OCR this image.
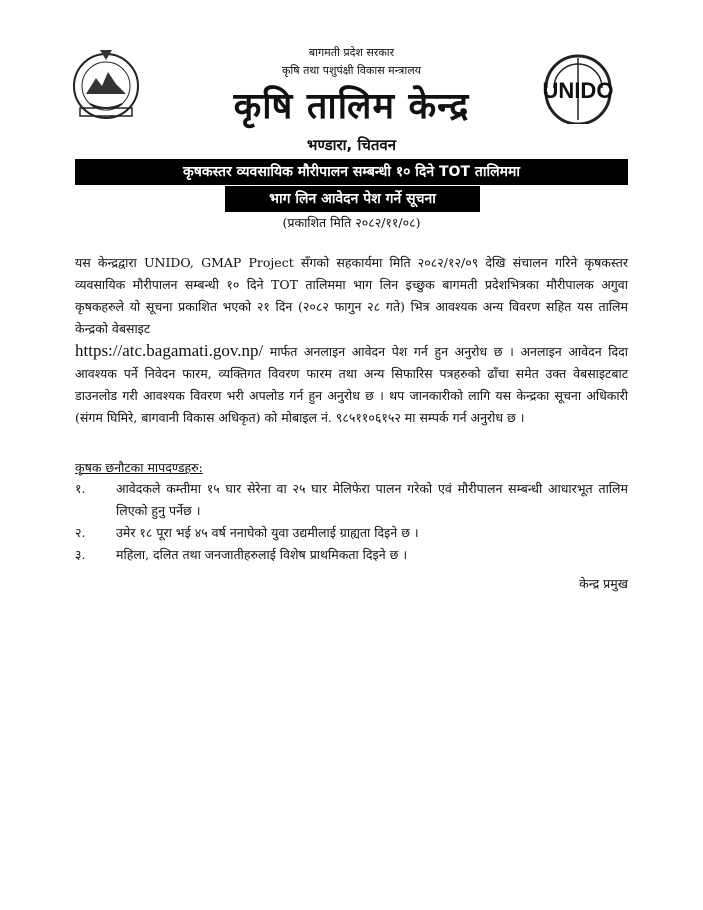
बागमती प्रदेश सरकार
कृषि तथा पशुपंक्षी विकास मन्त्रालय
कृषि तालिम केन्द्र
भण्डारा, चितवन
UNIDO
कृषकस्तर व्यवसायिक मौरीपालन सम्बन्धी १० दिने TOT तालिममा
भाग लिन आवेदन पेश गर्ने सूचना
(प्रकाशित मिति २०८२/११/०८)
यस केन्द्रद्वारा UNIDO, GMAP Project सँगको सहकार्यमा मिति २०८२/१२/०९ देखि संचालन गरिने कृषकस्तर व्यवसायिक मौरीपालन सम्बन्धी १० दिने TOT तालिममा भाग लिन इच्छुक बागमती प्रदेशभित्रका मौरीपालक अगुवा कृषकहरुले यो सूचना प्रकाशित भएको २१ दिन (२०८२ फागुन २८ गते) भित्र आवश्यक अन्य विवरण सहित यस तालिम केन्द्रको वेबसाइट
https://atc.bagamati.gov.np/ मार्फत अनलाइन आवेदन पेश गर्न हुन अनुरोध छ । अनलाइन आवेदन दिदा आवश्यक पर्ने निवेदन फारम, व्यक्तिगत विवरण फारम तथा अन्य सिफारिस पत्रहरुको ढाँचा समेत उक्त वेबसाइटबाट डाउनलोड गरी आवश्यक विवरण भरी अपलोड गर्न हुन अनुरोध छ । थप जानकारीको लागि यस केन्द्रका सूचना अधिकारी (संगम घिमिरे, बागवानी विकास अधिकृत) को मोबाइल नं. ९८५११०६१५२ मा सम्पर्क गर्न अनुरोध छ ।
कृषक छनौटका मापदण्डहरु:
१.	आवेदकले कम्तीमा १५ घार सेरेना वा २५ घार मेलिफेरा पालन गरेको एवं मौरीपालन सम्बन्धी आधारभूत तालिम लिएको हुनु पर्नेछ ।
२.	उमेर १८ पूरा भई ४५ वर्ष ननाघेको युवा उद्यमीलाई ग्राह्यता दिइने छ ।
३.	महिला, दलित तथा जनजातीहरुलाई विशेष प्राथमिकता दिइने छ ।
केन्द्र प्रमुख
